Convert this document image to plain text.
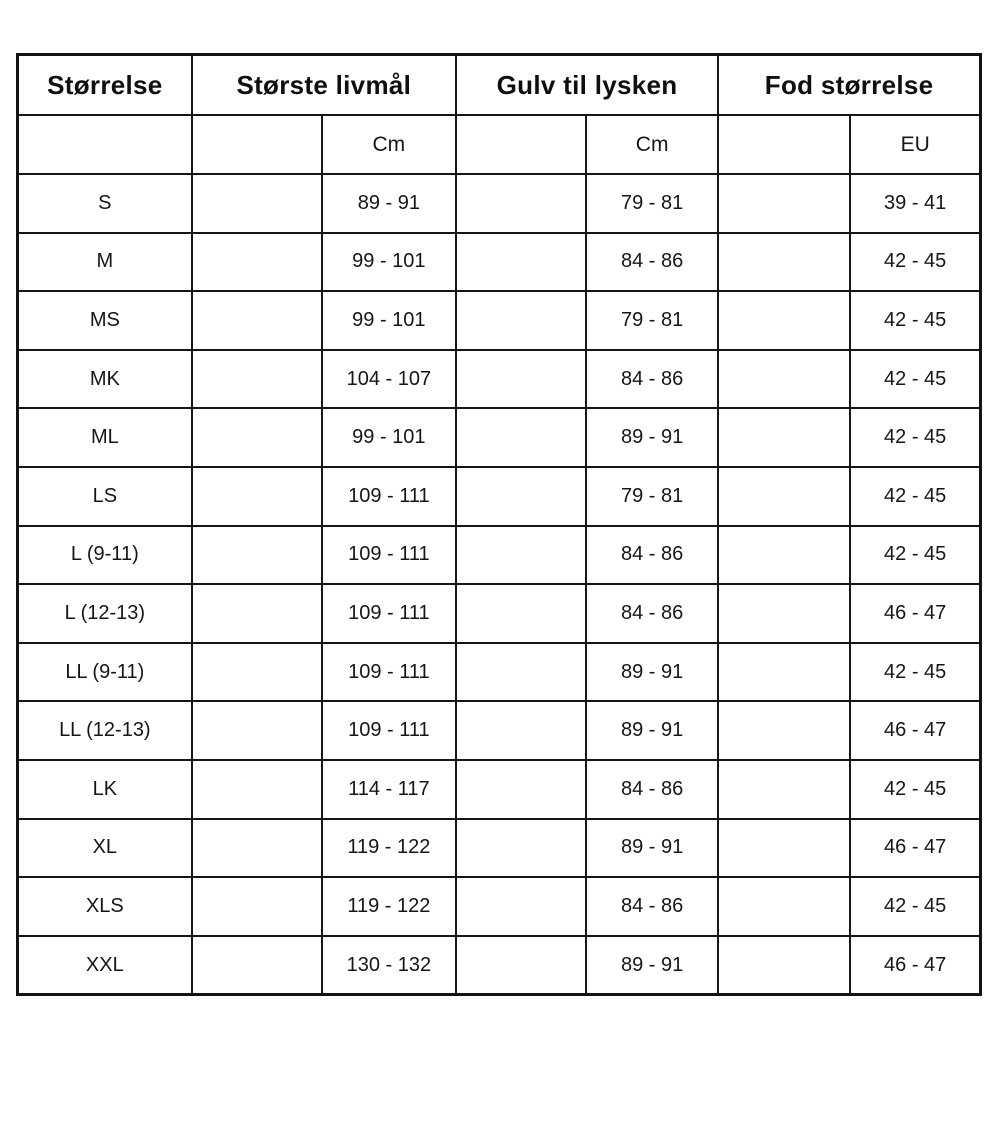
Størrelse	Største livmål		Gulv til lysken		Fod størrelse	
		Cm		Cm		EU
S		89 - 91		79 - 81		39 - 41
M		99 - 101		84 - 86		42 - 45
MS		99 - 101		79 - 81		42 - 45
MK		104 - 107		84 - 86		42 - 45
ML		99 - 101		89 - 91		42 - 45
LS		109 - 111		79 - 81		42 - 45
L (9-11)		109 - 111		84 - 86		42 - 45
L (12-13)		109 - 111		84 - 86		46 - 47
LL (9-11)		109 - 111		89 - 91		42 - 45
LL (12-13)		109 - 111		89 - 91		46 - 47
LK		114 - 117		84 - 86		42 - 45
XL		119 - 122		89 - 91		46 - 47
XLS		119 - 122		84 - 86		42 - 45
XXL		130 - 132		89 - 91		46 - 47
